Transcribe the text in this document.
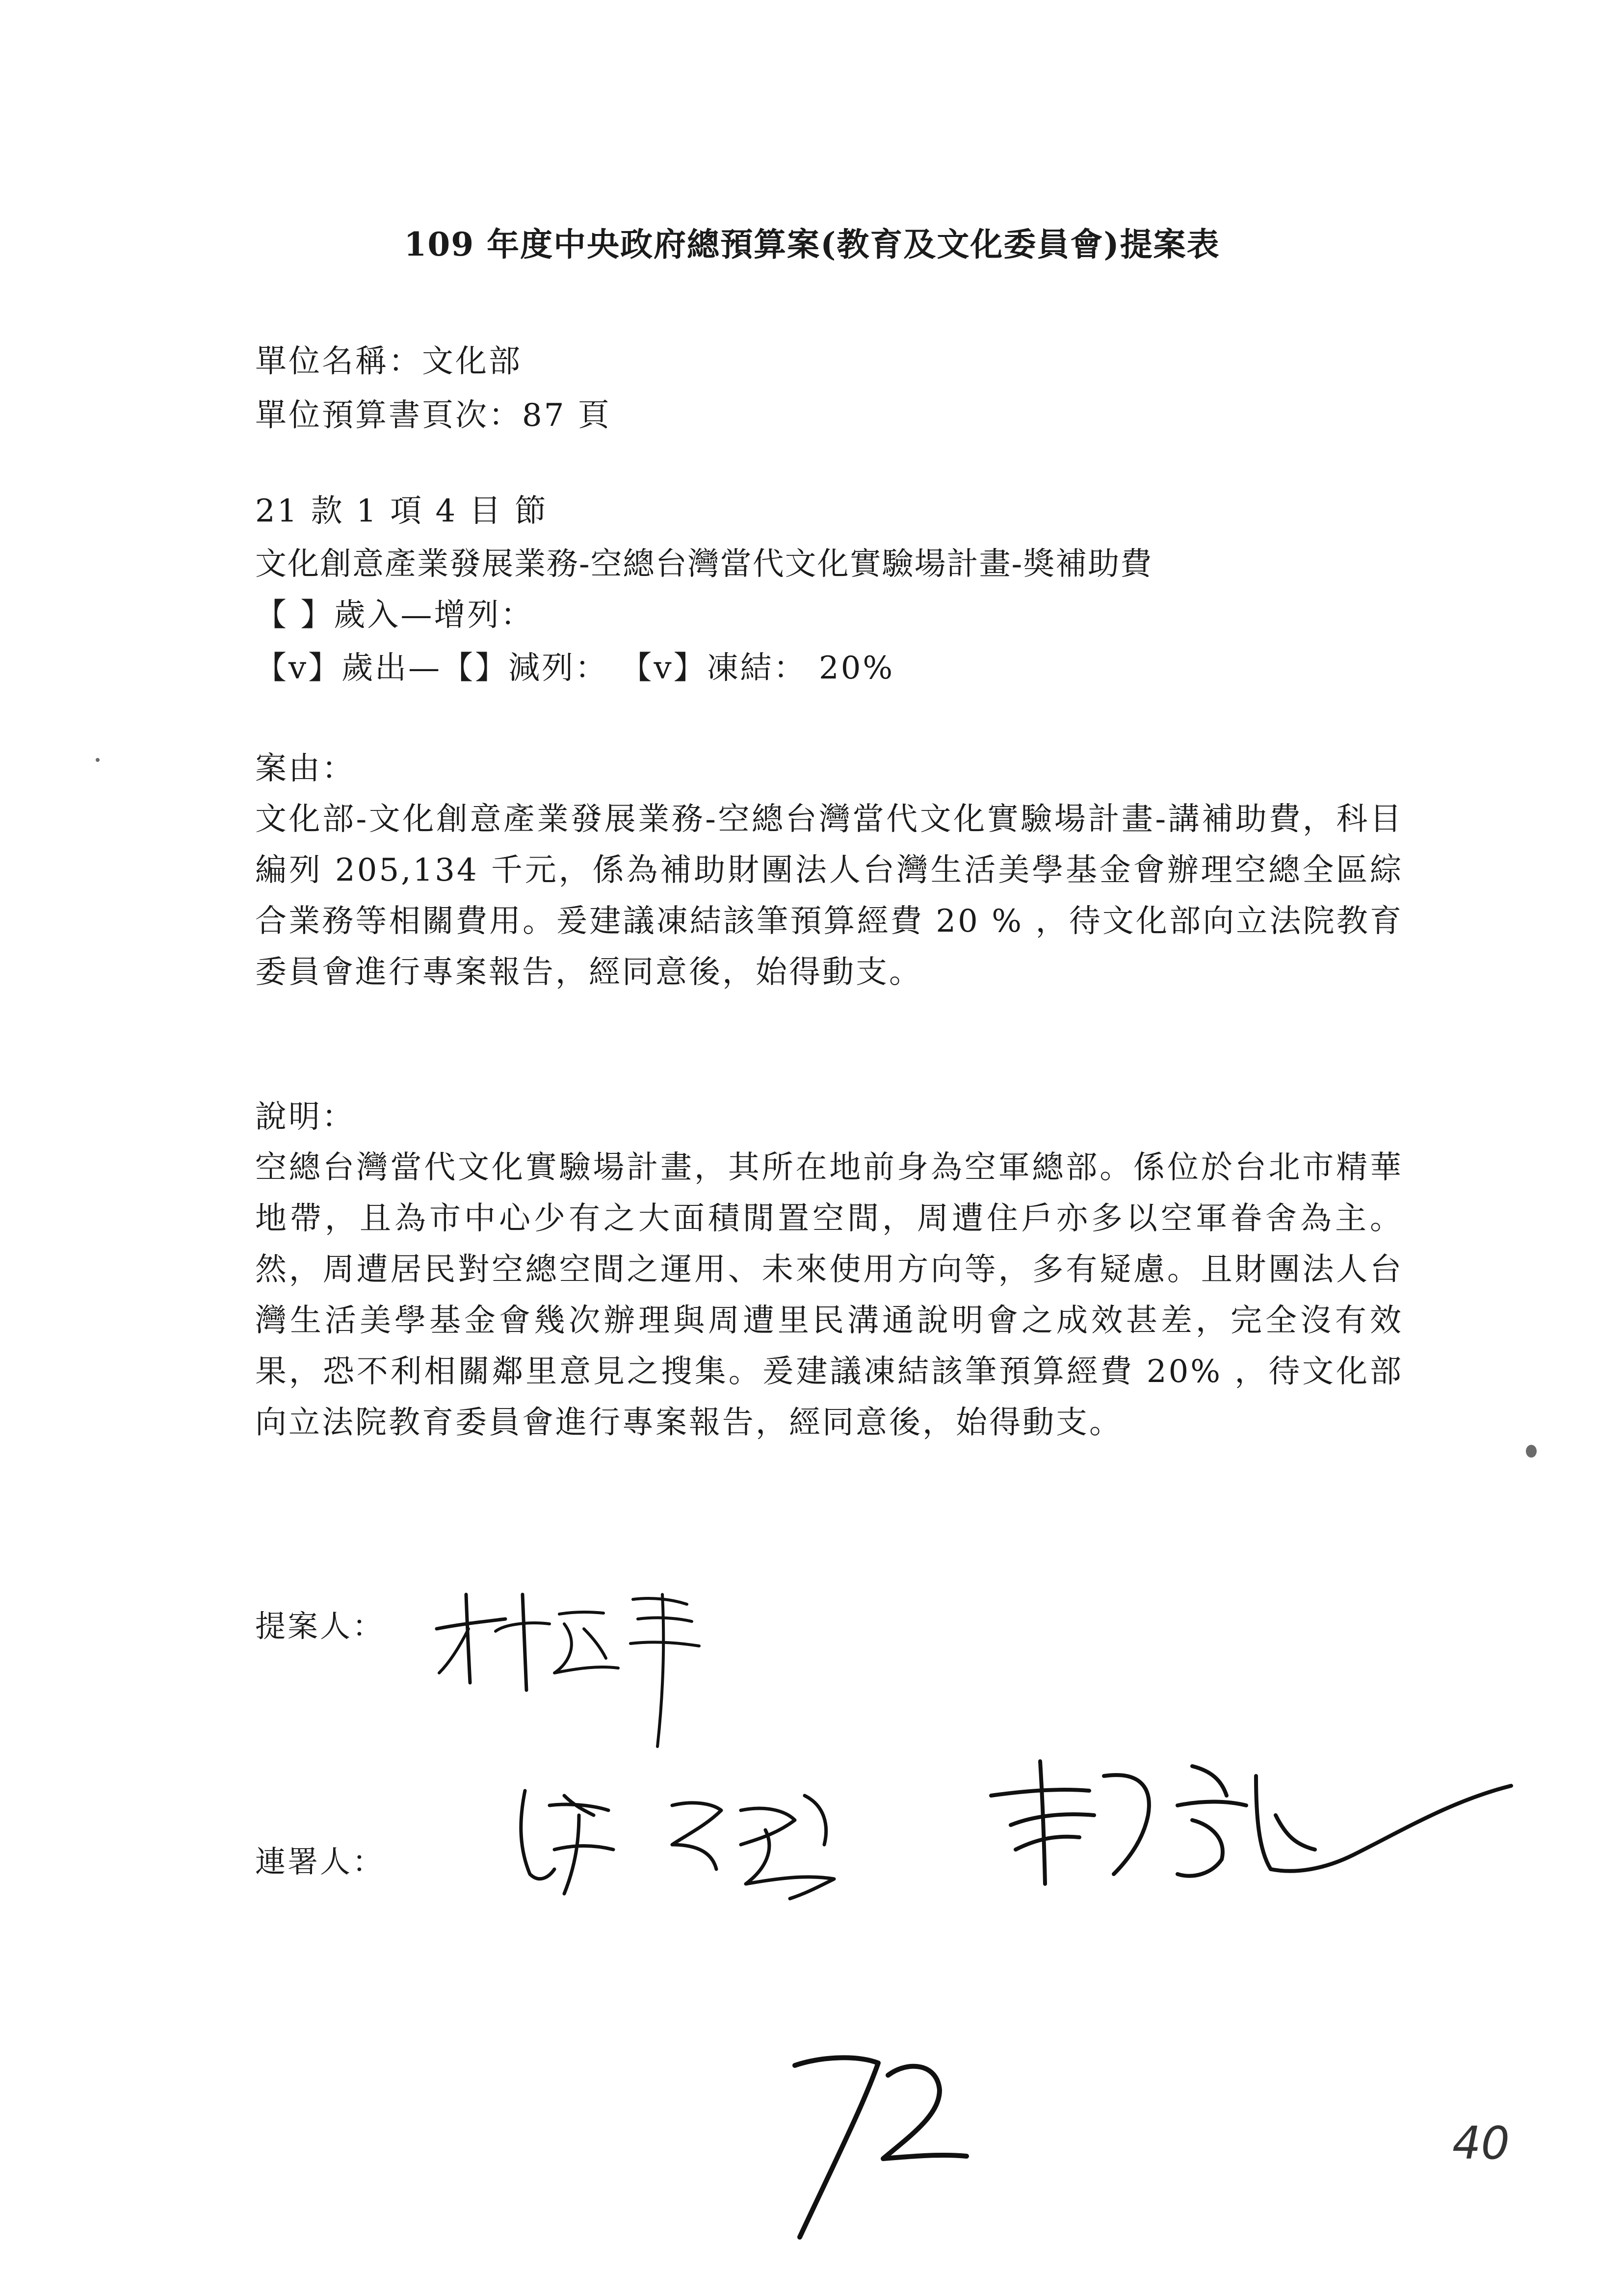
109 年度中央政府總預算案(教育及文化委員會)提案表
單位名稱：文化部
單位預算書頁次：87 頁
21 款 1 項 4 目 節
文化創意產業發展業務-空總台灣當代文化實驗場計畫-獎補助費
【 】歲入—增列：
【v】歲出—【】減列： 【v】凍結： 20%
案由：
文化部-文化創意產業發展業務-空總台灣當代文化實驗場計畫-講補助費，科目編列 205,134 千元，係為補助財團法人台灣生活美學基金會辦理空總全區綜合業務等相關費用。爰建議凍結該筆預算經費 20 % ，待文化部向立法院教育委員會進行專案報告，經同意後，始得動支。
說明：
空總台灣當代文化實驗場計畫，其所在地前身為空軍總部。係位於台北市精華地帶，且為市中心少有之大面積閒置空間，周遭住戶亦多以空軍眷舍為主。然，周遭居民對空總空間之運用、未來使用方向等，多有疑慮。且財團法人台灣生活美學基金會幾次辦理與周遭里民溝通說明會之成效甚差，完全沒有效果，恐不利相關鄰里意見之搜集。爰建議凍結該筆預算經費 20% ，待文化部向立法院教育委員會進行專案報告，經同意後，始得動支。
提案人：
連署人：
40
